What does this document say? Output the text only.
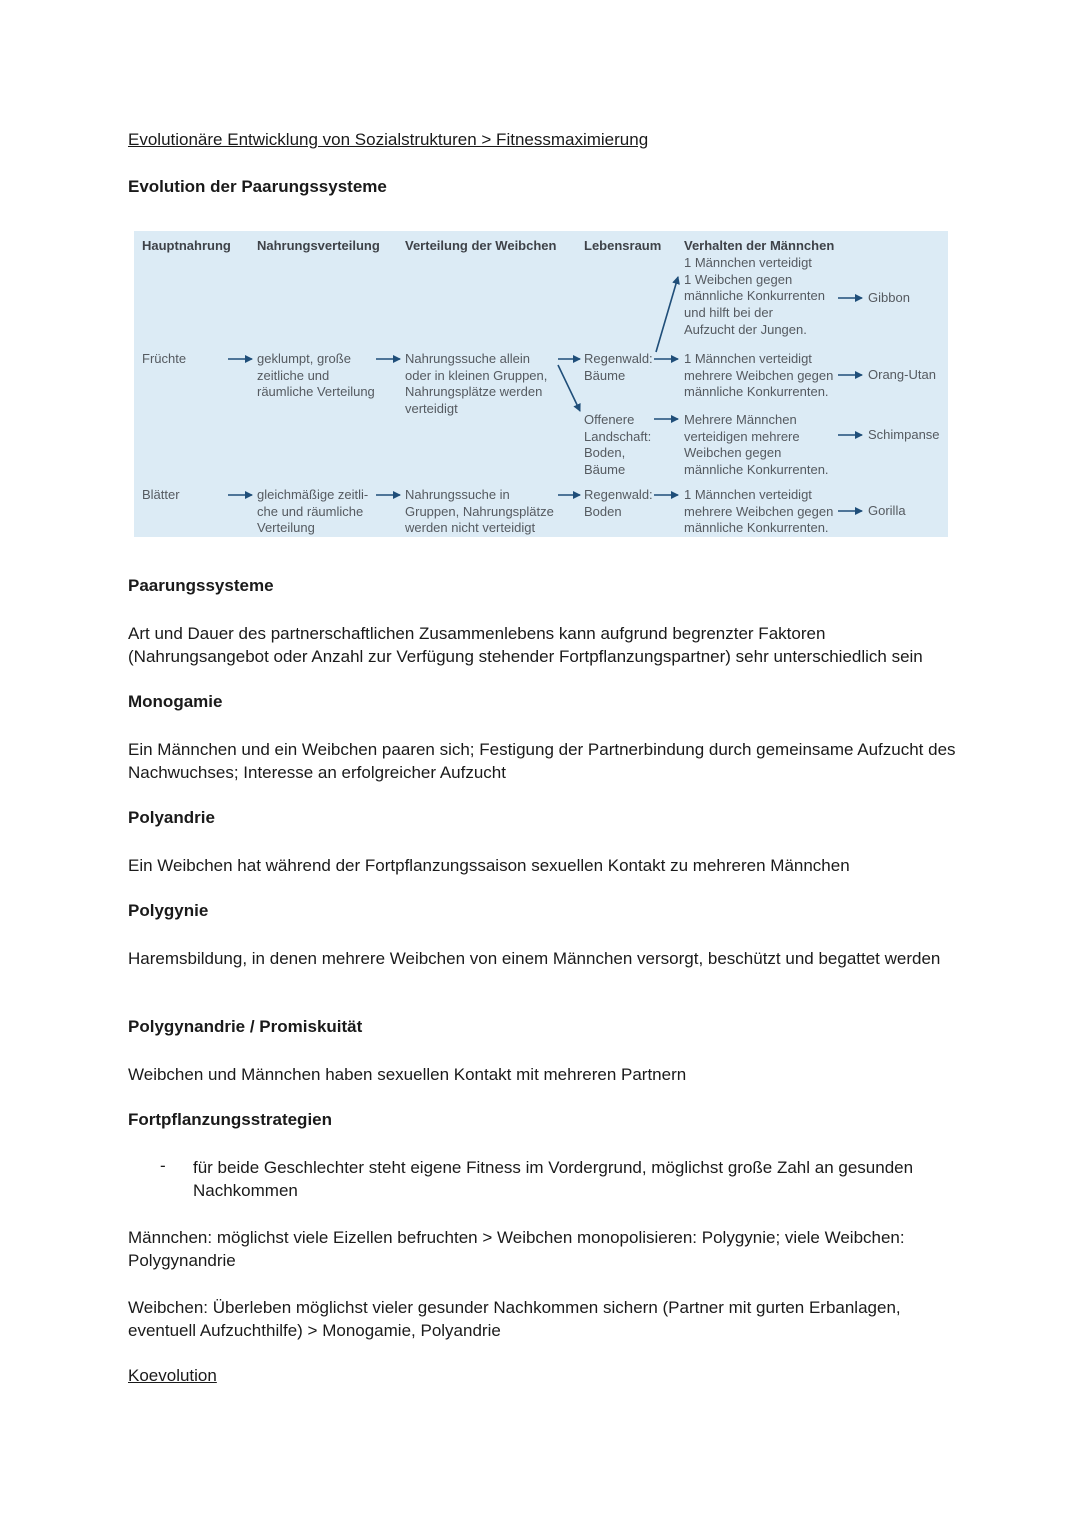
Evolutionäre Entwicklung von Sozialstrukturen > Fitnessmaximierung
Evolution der Paarungssysteme
Hauptnahrung Nahrungsverteilung Verteilung der Weibchen Lebensraum Verhalten der Männchen
1 Männchen verteidigt
1 Weibchen gegen
männliche Konkurrenten
und hilft bei der
Aufzucht der Jungen.
Gibbon
Früchte	geklumpt, große
zeitliche und
räumliche Verteilung
Nahrungssuche allein
oder in kleinen Gruppen,
Nahrungsplätze werden
verteidigt
Regenwald:
Bäume
1 Männchen verteidigt
mehrere Weibchen gegen
männliche Konkurrenten.
Orang-Utan
Offenere
Landschaft:
Boden,
Bäume
Mehrere Männchen
verteidigen mehrere
Weibchen gegen
männliche Konkurrenten.
Schimpanse
Blätter	gleichmäßige zeitli-
che und räumliche
Verteilung
Nahrungssuche in
Gruppen, Nahrungsplätze
werden nicht verteidigt
Regenwald:
Boden
1 Männchen verteidigt
mehrere Weibchen gegen
männliche Konkurrenten.
Gorilla
Paarungssysteme
Art und Dauer des partnerschaftlichen Zusammenlebens kann aufgrund begrenzter Faktoren (Nahrungsangebot oder Anzahl zur Verfügung stehender Fortpflanzungspartner) sehr unterschiedlich sein
Monogamie
Ein Männchen und ein Weibchen paaren sich; Festigung der Partnerbindung durch gemeinsame Aufzucht des Nachwuchses; Interesse an erfolgreicher Aufzucht
Polyandrie
Ein Weibchen hat während der Fortpflanzungssaison sexuellen Kontakt zu mehreren Männchen
Polygynie
Haremsbildung, in denen mehrere Weibchen von einem Männchen versorgt, beschützt und begattet werden
Polygynandrie / Promiskuität
Weibchen und Männchen haben sexuellen Kontakt mit mehreren Partnern
Fortpflanzungsstrategien
- für beide Geschlechter steht eigene Fitness im Vordergrund, möglichst große Zahl an gesunden Nachkommen
Männchen: möglichst viele Eizellen befruchten > Weibchen monopolisieren: Polygynie; viele Weibchen: Polygynandrie
Weibchen: Überleben möglichst vieler gesunder Nachkommen sichern (Partner mit gurten Erbanlagen, eventuell Aufzuchthilfe) > Monogamie, Polyandrie
Koevolution
